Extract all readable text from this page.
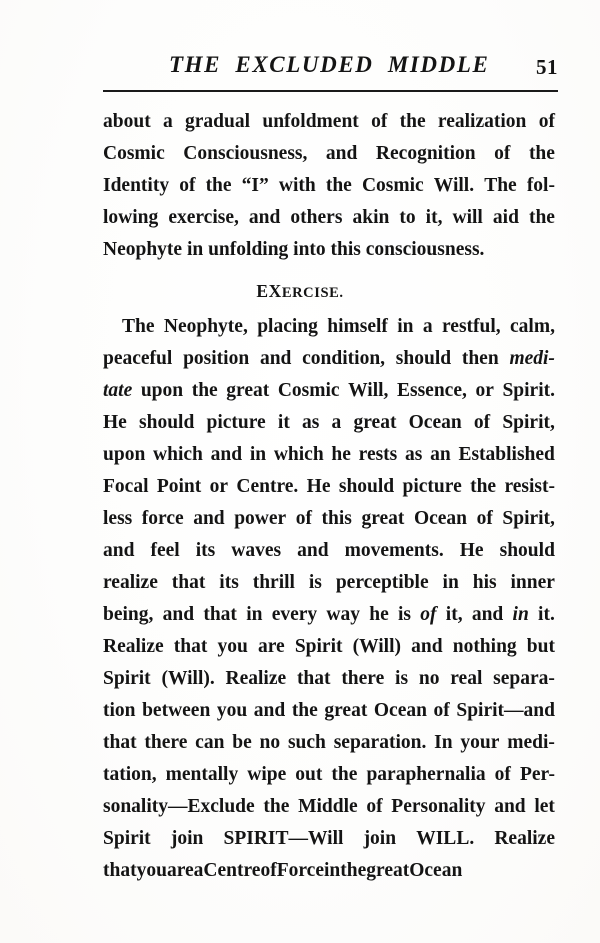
THE EXCLUDED MIDDLE 51
about a gradual unfoldment of the realization of
Cosmic Consciousness, and Recognition of the
Identity of the “I” with the Cosmic Will. The fol-
lowing exercise, and others akin to it, will aid the
Neophyte in unfolding into this consciousness.
EXERCISE.
The Neophyte, placing himself in a restful, calm,
peaceful position and condition, should then medi-
tate upon the great Cosmic Will, Essence, or Spirit.
He should picture it as a great Ocean of Spirit,
upon which and in which he rests as an Established
Focal Point or Centre. He should picture the resist-
less force and power of this great Ocean of Spirit,
and feel its waves and movements. He should
realize that its thrill is perceptible in his inner
being, and that in every way he is of it, and in it.
Realize that you are Spirit (Will) and nothing but
Spirit (Will). Realize that there is no real separa-
tion between you and the great Ocean of Spirit—and
that there can be no such separation. In your medi-
tation, mentally wipe out the paraphernalia of Per-
sonality—Exclude the Middle of Personality and let
Spirit join SPIRIT—Will join WILL. Realize
that you are a Centre of Force in the great Ocean
